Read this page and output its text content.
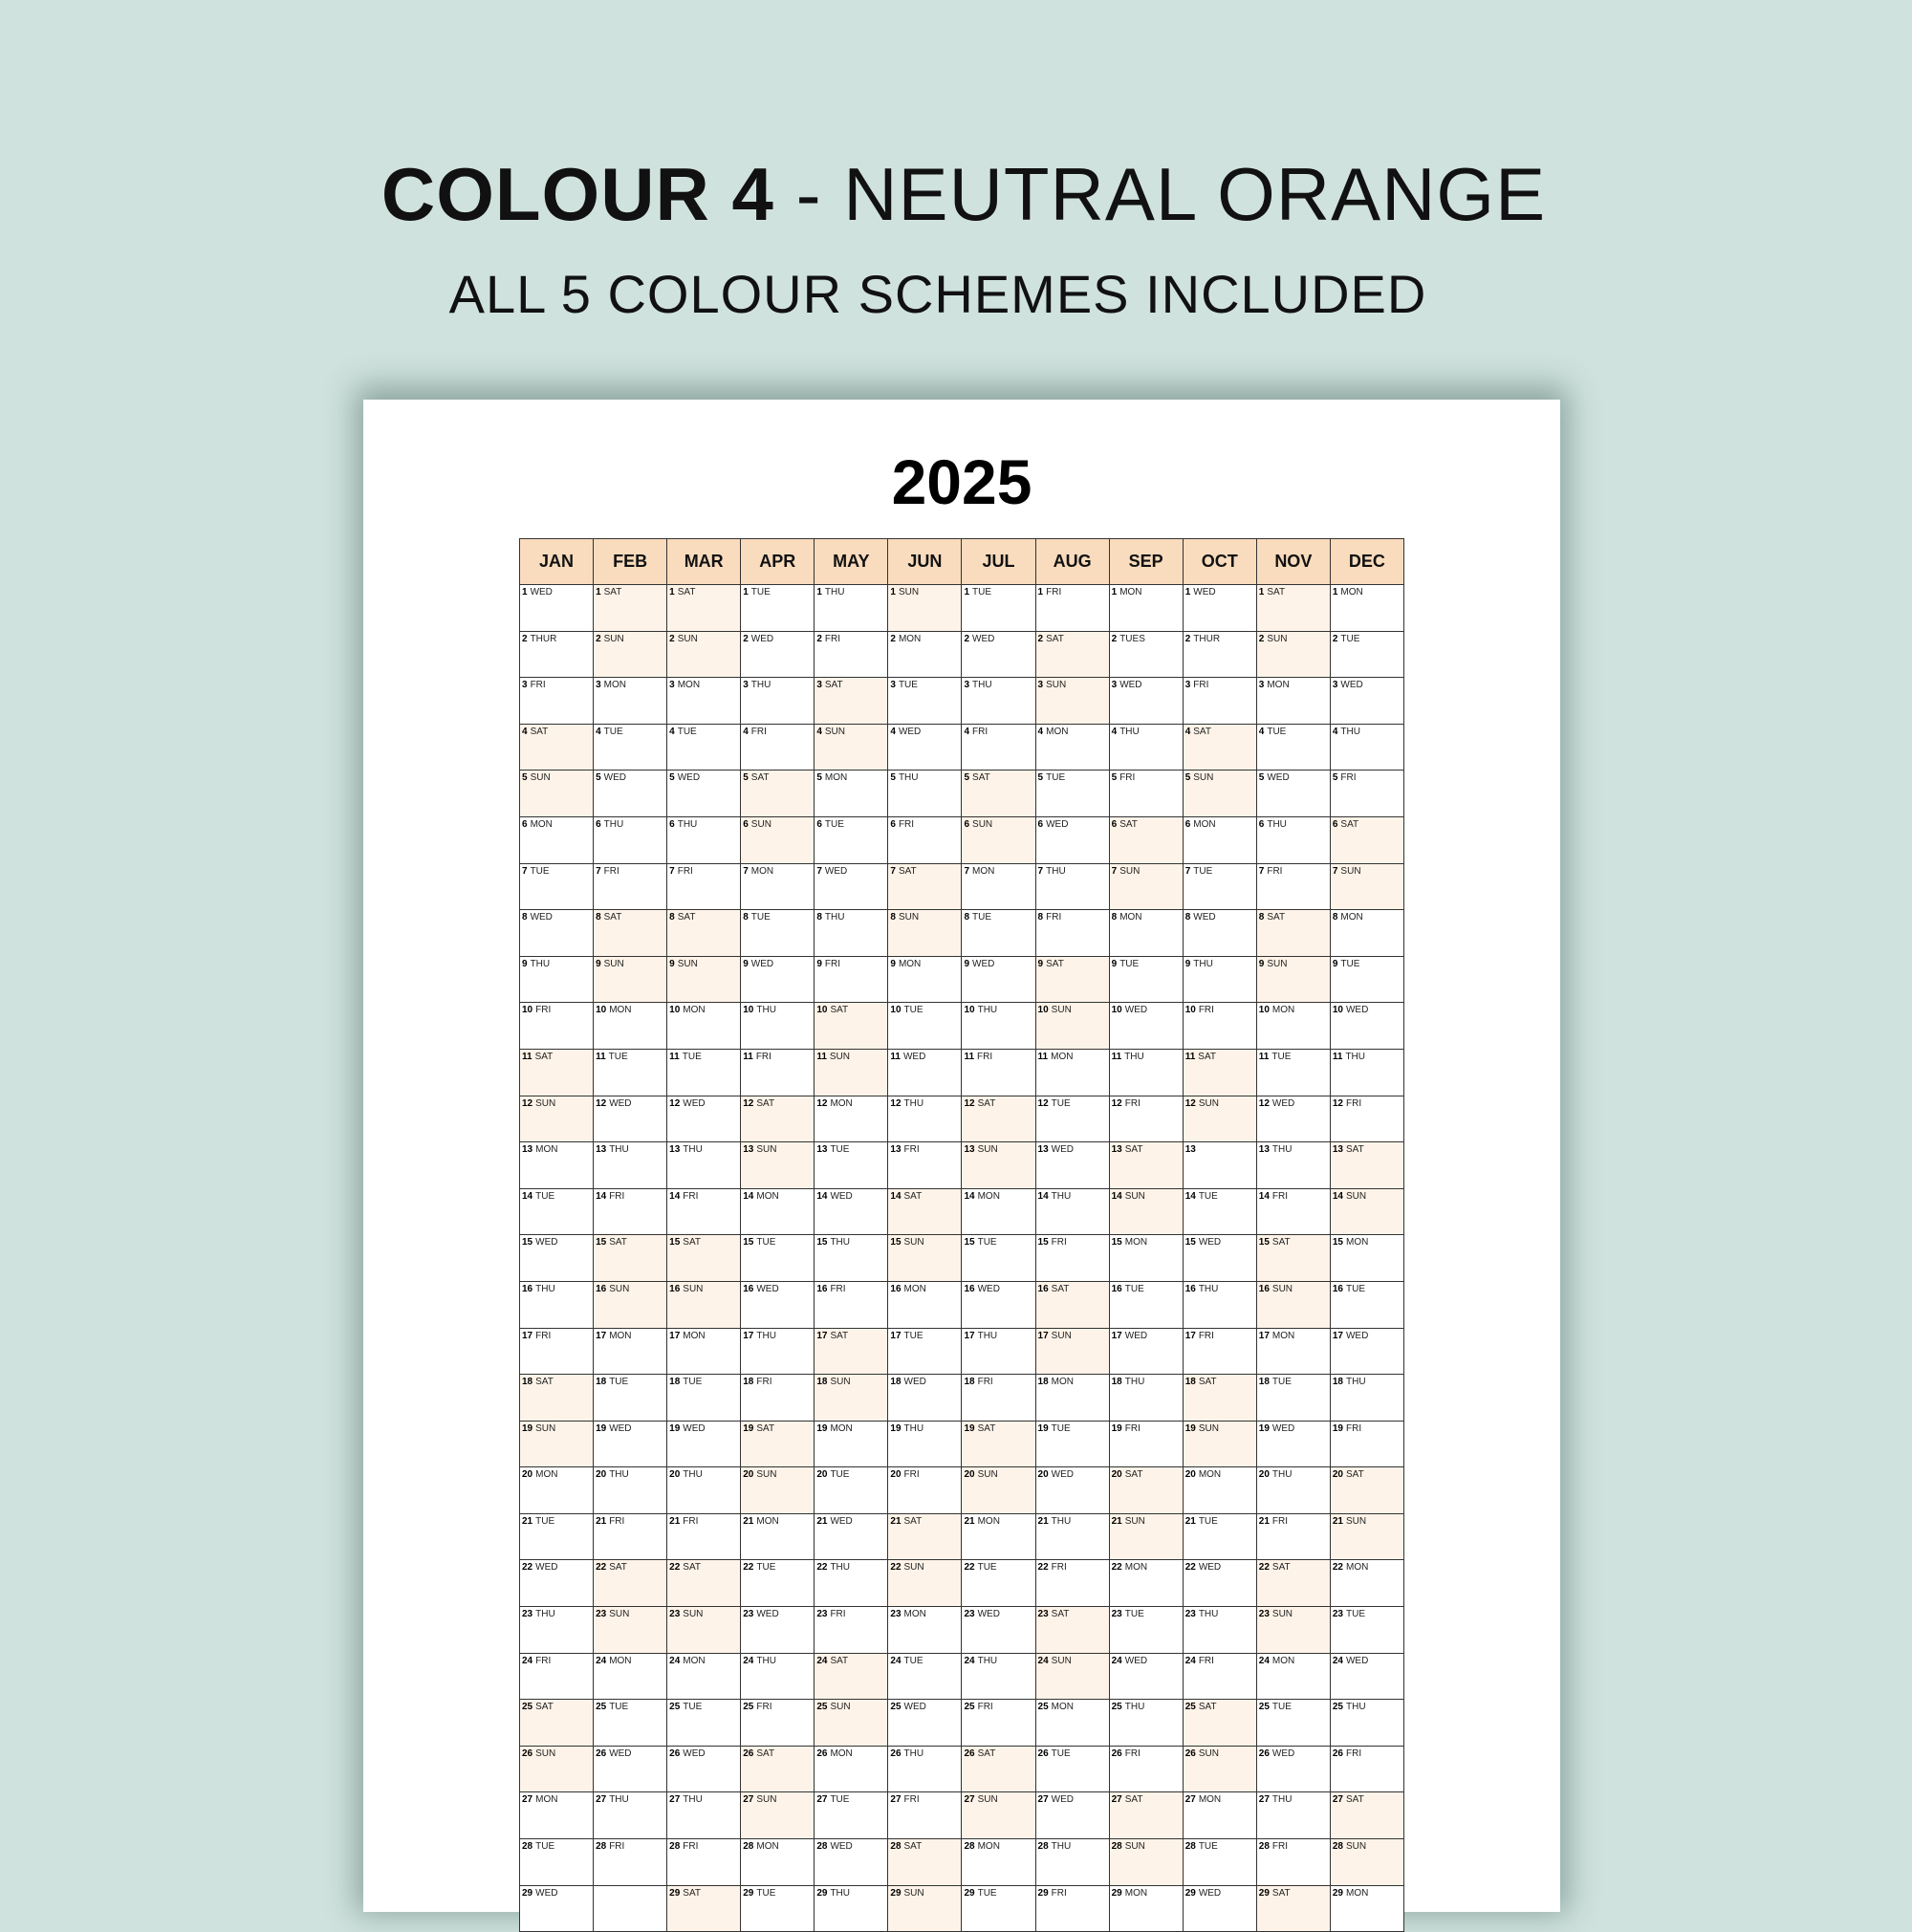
COLOUR 4 - NEUTRAL ORANGE
ALL 5 COLOUR SCHEMES INCLUDED
2025
JAN	FEB	MAR	APR	MAY	JUN	JUL	AUG	SEP	OCT	NOV	DEC

1 WED	1 SAT	1 SAT	1 TUE	1 THU	1 SUN	1 TUE	1 FRI	1 MON	1 WED	1 SAT	1 MON

2 THUR	2 SUN	2 SUN	2 WED	2 FRI	2 MON	2 WED	2 SAT	2 TUES	2 THUR	2 SUN	2 TUE

3 FRI	3 MON	3 MON	3 THU	3 SAT	3 TUE	3 THU	3 SUN	3 WED	3 FRI	3 MON	3 WED

4 SAT	4 TUE	4 TUE	4 FRI	4 SUN	4 WED	4 FRI	4 MON	4 THU	4 SAT	4 TUE	4 THU

5 SUN	5 WED	5 WED	5 SAT	5 MON	5 THU	5 SAT	5 TUE	5 FRI	5 SUN	5 WED	5 FRI

6 MON	6 THU	6 THU	6 SUN	6 TUE	6 FRI	6 SUN	6 WED	6 SAT	6 MON	6 THU	6 SAT

7 TUE	7 FRI	7 FRI	7 MON	7 WED	7 SAT	7 MON	7 THU	7 SUN	7 TUE	7 FRI	7 SUN

8 WED	8 SAT	8 SAT	8 TUE	8 THU	8 SUN	8 TUE	8 FRI	8 MON	8 WED	8 SAT	8 MON

9 THU	9 SUN	9 SUN	9 WED	9 FRI	9 MON	9 WED	9 SAT	9 TUE	9 THU	9 SUN	9 TUE

10 FRI	10 MON	10 MON	10 THU	10 SAT	10 TUE	10 THU	10 SUN	10 WED	10 FRI	10 MON	10 WED

11 SAT	11 TUE	11 TUE	11 FRI	11 SUN	11 WED	11 FRI	11 MON	11 THU	11 SAT	11 TUE	11 THU

12 SUN	12 WED	12 WED	12 SAT	12 MON	12 THU	12 SAT	12 TUE	12 FRI	12 SUN	12 WED	12 FRI

13 MON	13 THU	13 THU	13 SUN	13 TUE	13 FRI	13 SUN	13 WED	13 SAT	13	13 THU	13 SAT

14 TUE	14 FRI	14 FRI	14 MON	14 WED	14 SAT	14 MON	14 THU	14 SUN	14 TUE	14 FRI	14 SUN

15 WED	15 SAT	15 SAT	15 TUE	15 THU	15 SUN	15 TUE	15 FRI	15 MON	15 WED	15 SAT	15 MON

16 THU	16 SUN	16 SUN	16 WED	16 FRI	16 MON	16 WED	16 SAT	16 TUE	16 THU	16 SUN	16 TUE

17 FRI	17 MON	17 MON	17 THU	17 SAT	17 TUE	17 THU	17 SUN	17 WED	17 FRI	17 MON	17 WED

18 SAT	18 TUE	18 TUE	18 FRI	18 SUN	18 WED	18 FRI	18 MON	18 THU	18 SAT	18 TUE	18 THU

19 SUN	19 WED	19 WED	19 SAT	19 MON	19 THU	19 SAT	19 TUE	19 FRI	19 SUN	19 WED	19 FRI

20 MON	20 THU	20 THU	20 SUN	20 TUE	20 FRI	20 SUN	20 WED	20 SAT	20 MON	20 THU	20 SAT

21 TUE	21 FRI	21 FRI	21 MON	21 WED	21 SAT	21 MON	21 THU	21 SUN	21 TUE	21 FRI	21 SUN

22 WED	22 SAT	22 SAT	22 TUE	22 THU	22 SUN	22 TUE	22 FRI	22 MON	22 WED	22 SAT	22 MON

23 THU	23 SUN	23 SUN	23 WED	23 FRI	23 MON	23 WED	23 SAT	23 TUE	23 THU	23 SUN	23 TUE

24 FRI	24 MON	24 MON	24 THU	24 SAT	24 TUE	24 THU	24 SUN	24 WED	24 FRI	24 MON	24 WED

25 SAT	25 TUE	25 TUE	25 FRI	25 SUN	25 WED	25 FRI	25 MON	25 THU	25 SAT	25 TUE	25 THU

26 SUN	26 WED	26 WED	26 SAT	26 MON	26 THU	26 SAT	26 TUE	26 FRI	26 SUN	26 WED	26 FRI

27 MON	27 THU	27 THU	27 SUN	27 TUE	27 FRI	27 SUN	27 WED	27 SAT	27 MON	27 THU	27 SAT

28 TUE	28 FRI	28 FRI	28 MON	28 WED	28 SAT	28 MON	28 THU	28 SUN	28 TUE	28 FRI	28 SUN

29 WED		29 SAT	29 TUE	29 THU	29 SUN	29 TUE	29 FRI	29 MON	29 WED	29 SAT	29 MON
